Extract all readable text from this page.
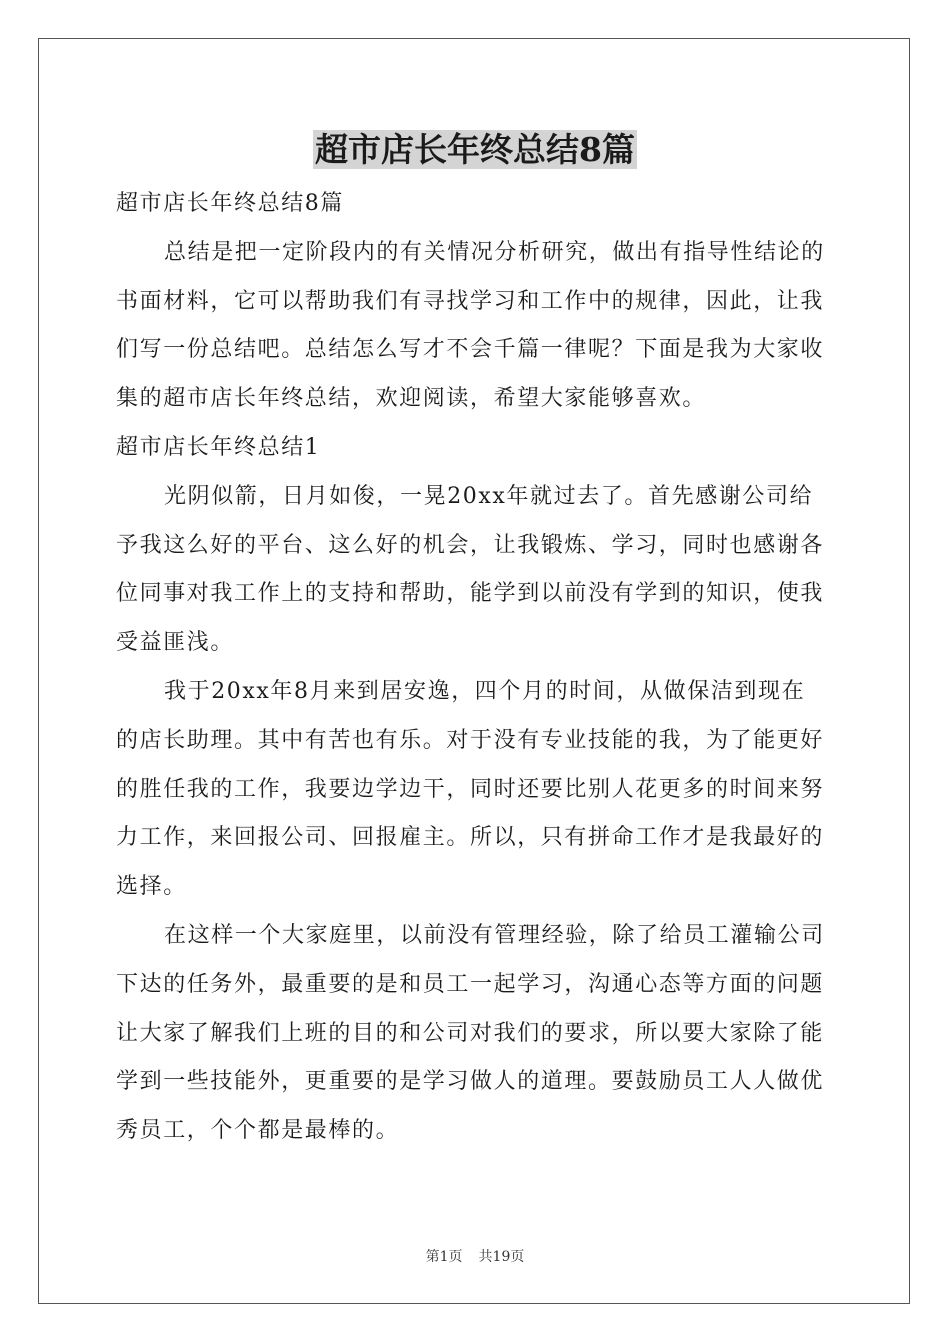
超市店长年终总结8篇

超市店长年终总结8篇

总结是把一定阶段内的有关情况分析研究，做出有指导性结论的

书面材料，它可以帮助我们有寻找学习和工作中的规律，因此，让我

们写一份总结吧。总结怎么写才不会千篇一律呢？下面是我为大家收

集的超市店长年终总结，欢迎阅读，希望大家能够喜欢。

超市店长年终总结1

光阴似箭，日月如俊，一晃20xx年就过去了。首先感谢公司给

予我这么好的平台、这么好的机会，让我锻炼、学习，同时也感谢各

位同事对我工作上的支持和帮助，能学到以前没有学到的知识，使我

受益匪浅。

我于20xx年8月来到居安逸，四个月的时间，从做保洁到现在

的店长助理。其中有苦也有乐。对于没有专业技能的我，为了能更好

的胜任我的工作，我要边学边干，同时还要比别人花更多的时间来努

力工作，来回报公司、回报雇主。所以，只有拼命工作才是我最好的

选择。

在这样一个大家庭里，以前没有管理经验，除了给员工灌输公司

下达的任务外，最重要的是和员工一起学习，沟通心态等方面的问题

让大家了解我们上班的目的和公司对我们的要求，所以要大家除了能

学到一些技能外，更重要的是学习做人的道理。要鼓励员工人人做优

秀员工，个个都是最棒的。

第1页 共19页
